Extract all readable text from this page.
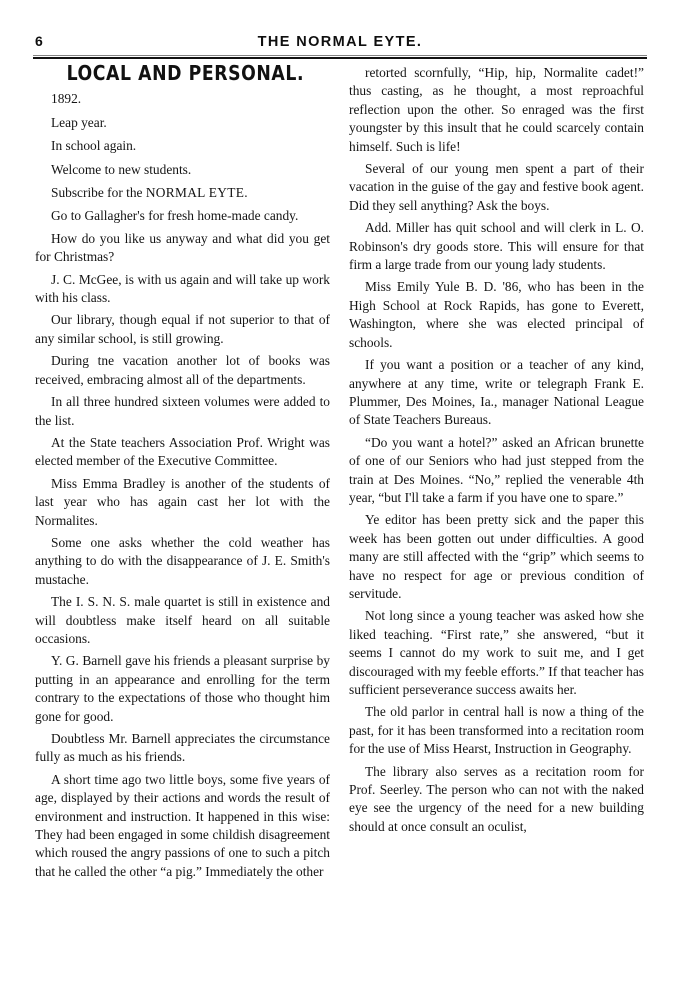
6	THE NORMAL EYTE.
LOCAL AND PERSONAL.

1892.

Leap year.

In school again.

Welcome to new students.

Subscribe for the NORMAL EYTE.

Go to Gallagher's for fresh home-made candy.

How do you like us anyway and what did you get for Christmas?

J. C. McGee, is with us again and will take up work with his class.

Our library, though equal if not superior to that of any similar school, is still growing.

During tne vacation another lot of books was received, embracing almost all of the departments.

In all three hundred sixteen volumes were added to the list.

At the State teachers Association Prof. Wright was elected member of the Executive Committee.

Miss Emma Bradley is another of the students of last year who has again cast her lot with the Normalites.

Some one asks whether the cold weather has anything to do with the disappearance of J. E. Smith's mustache.

The I. S. N. S. male quartet is still in existence and will doubtless make itself heard on all suitable occasions.

Y. G. Barnell gave his friends a pleasant surprise by putting in an appearance and enrolling for the term contrary to the expectations of those who thought him gone for good.

Doubtless Mr. Barnell appreciates the circumstance fully as much as his friends.

A short time ago two little boys, some five years of age, displayed by their actions and words the result of environment and instruction. It happened in this wise: They had been engaged in some childish disagreement which roused the angry passions of one to such a pitch that he called the other “a pig.” Immediately the other

retorted scornfully, “Hip, hip, Normalite cadet!” thus casting, as he thought, a most reproachful reflection upon the other. So enraged was the first youngster by this insult that he could scarcely contain himself. Such is life!

Several of our young men spent a part of their vacation in the guise of the gay and festive book agent. Did they sell anything? Ask the boys.

Add. Miller has quit school and will clerk in L. O. Robinson's dry goods store. This will ensure for that firm a large trade from our young lady students.

Miss Emily Yule B. D. '86, who has been in the High School at Rock Rapids, has gone to Everett, Washington, where she was elected principal of schools.

If you want a position or a teacher of any kind, anywhere at any time, write or telegraph Frank E. Plummer, Des Moines, Ia., manager National League of State Teachers Bureaus.

“Do you want a hotel?” asked an African brunette of one of our Seniors who had just stepped from the train at Des Moines. “No,” replied the venerable 4th year, “but I'll take a farm if you have one to spare.”

Ye editor has been pretty sick and the paper this week has been gotten out under difficulties. A good many are still affected with the “grip” which seems to have no respect for age or previous condition of servitude.

Not long since a young teacher was asked how she liked teaching. “First rate,” she answered, “but it seems I cannot do my work to suit me, and I get discouraged with my feeble efforts.” If that teacher has sufficient perseverance success awaits her.

The old parlor in central hall is now a thing of the past, for it has been transformed into a recitation room for the use of Miss Hearst, Instruction in Geography.

The library also serves as a recitation room for Prof. Seerley. The person who can not with the naked eye see the urgency of the need for a new building should at once consult an oculist,
